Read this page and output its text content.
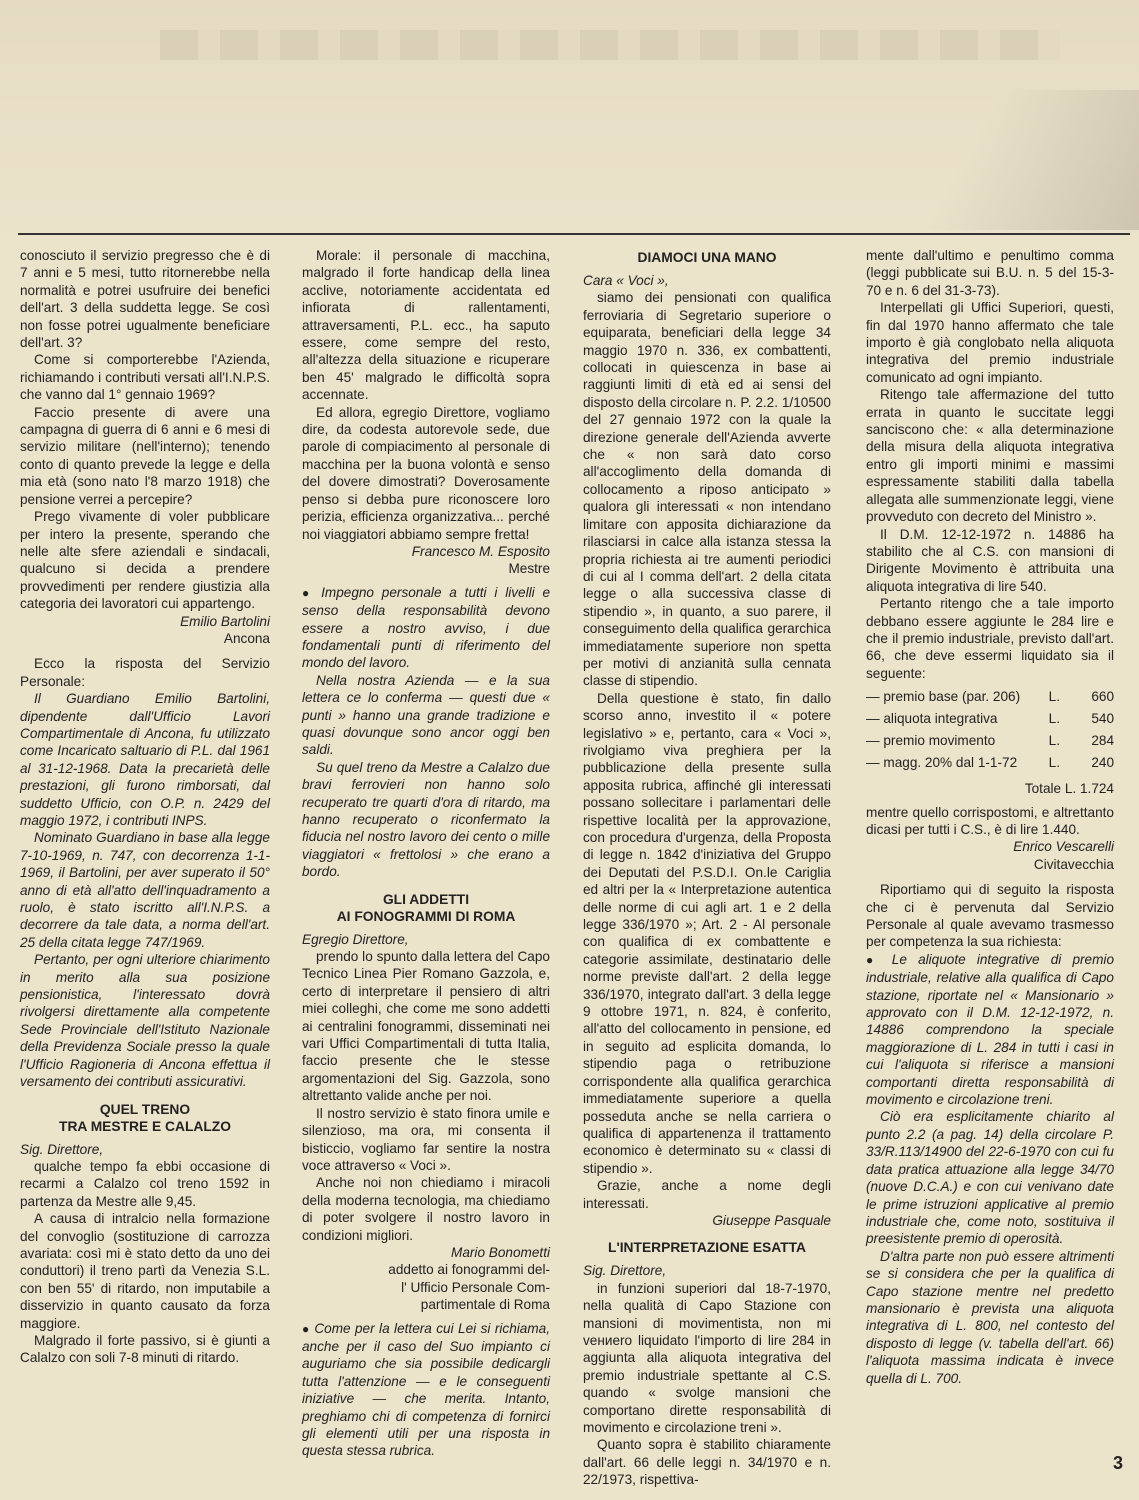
conosciuto il servizio pregresso che è di 7 anni e 5 mesi, tutto ritornerebbe nella normalità e potrei usufruire dei benefici dell'art. 3 della suddetta legge. Se così non fosse potrei ugualmente beneficiare dell'art. 3?

Come si comporterebbe l'Azienda, richiamando i contributi versati all'I.N.P.S. che vanno dal 1° gennaio 1969?

Faccio presente di avere una campagna di guerra di 6 anni e 6 mesi di servizio militare (nell'interno); tenendo conto di quanto prevede la legge e della mia età (sono nato l'8 marzo 1918) che pensione verrei a percepire?

Prego vivamente di voler pubblicare per intero la presente, sperando che nelle alte sfere aziendali e sindacali, qualcuno si decida a prendere provvedimenti per rendere giustizia alla categoria dei lavoratori cui appartengo.

Emilio Bartolini
Ancona

Ecco la risposta del Servizio Personale:

Il Guardiano Emilio Bartolini, dipendente dall'Ufficio Lavori Compartimentale di Ancona, fu utilizzato come Incaricato saltuario di P.L. dal 1961 al 31-12-1968. Data la precarietà delle prestazioni, gli furono rimborsati, dal suddetto Ufficio, con O.P. n. 2429 del maggio 1972, i contributi INPS.

Nominato Guardiano in base alla legge 7-10-1969, n. 747, con decorrenza 1-1-1969, il Bartolini, per aver superato il 50° anno di età all'atto dell'inquadramento a ruolo, è stato iscritto all'I.N.P.S. a decorrere da tale data, a norma dell'art. 25 della citata legge 747/1969.

Pertanto, per ogni ulteriore chiarimento in merito alla sua posizione pensionistica, l'interessato dovrà rivolgersi direttamente alla competente Sede Provinciale dell'Istituto Nazionale della Previdenza Sociale presso la quale l'Ufficio Ragioneria di Ancona effettua il versamento dei contributi assicurativi.

QUEL TRENO
TRA MESTRE E CALALZO

Sig. Direttore,

qualche tempo fa ebbi occasione di recarmi a Calalzo col treno 1592 in partenza da Mestre alle 9,45.

A causa di intralcio nella formazione del convoglio (sostituzione di carrozza avariata: così mi è stato detto da uno dei conduttori) il treno partì da Venezia S.L. con ben 55' di ritardo, non imputabile a disservizio in quanto causato da forza maggiore.

Malgrado il forte passivo, si è giunti a Calalzo con soli 7-8 minuti di ritardo.

Morale: il personale di macchina, malgrado il forte handicap della linea acclive, notoriamente accidentata ed infiorata di rallentamenti, attraversamenti, P.L. ecc., ha saputo essere, come sempre del resto, all'altezza della situazione e ricuperare ben 45' malgrado le difficoltà sopra accennate.

Ed allora, egregio Direttore, vogliamo dire, da codesta autorevole sede, due parole di compiacimento al personale di macchina per la buona volontà e senso del dovere dimostrati? Doverosamente penso si debba pure riconoscere loro perizia, efficienza organizzativa... perché noi viaggiatori abbiamo sempre fretta!

Francesco M. Esposito
Mestre

● Impegno personale a tutti i livelli e senso della responsabilità devono essere a nostro avviso, i due fondamentali punti di riferimento del mondo del lavoro.

Nella nostra Azienda — e la sua lettera ce lo conferma — questi due « punti » hanno una grande tradizione e quasi dovunque sono ancor oggi ben saldi.

Su quel treno da Mestre a Calalzo due bravi ferrovieri non hanno solo recuperato tre quarti d'ora di ritardo, ma hanno recuperato o riconfermato la fiducia nel nostro lavoro dei cento o mille viaggiatori « frettolosi » che erano a bordo.

GLI ADDETTI
AI FONOGRAMMI DI ROMA

Egregio Direttore,

prendo lo spunto dalla lettera del Capo Tecnico Linea Pier Romano Gazzola, e, certo di interpretare il pensiero di altri miei colleghi, che come me sono addetti ai centralini fonogrammi, disseminati nei vari Uffici Compartimentali di tutta Italia, faccio presente che le stesse argomentazioni del Sig. Gazzola, sono altrettanto valide anche per noi.

Il nostro servizio è stato finora umile e silenzioso, ma ora, mi consenta il bisticcio, vogliamo far sentire la nostra voce attraverso « Voci ».

Anche noi non chiediamo i miracoli della moderna tecnologia, ma chiediamo di poter svolgere il nostro lavoro in condizioni migliori.

Mario Bonometti
addetto ai fonogrammi del-
l' Ufficio Personale Com-
partimentale di Roma

● Come per la lettera cui Lei si richiama, anche per il caso del Suo impianto ci auguriamo che sia possibile dedicargli tutta l'attenzione — e le conseguenti iniziative — che merita. Intanto, preghiamo chi di competenza di fornirci gli elementi utili per una risposta in questa stessa rubrica.

DIAMOCI UNA MANO

Cara « Voci »,

siamo dei pensionati con qualifica ferroviaria di Segretario superiore o equiparata, beneficiari della legge 34 maggio 1970 n. 336, ex combattenti, collocati in quiescenza in base ai raggiunti limiti di età ed ai sensi del disposto della circolare n. P. 2.2. 1/10500 del 27 gennaio 1972 con la quale la direzione generale dell'Azienda avverte che « non sarà dato corso all'accoglimento della domanda di collocamento a riposo anticipato » qualora gli interessati « non intendano limitare con apposita dichiarazione da rilasciarsi in calce alla istanza stessa la propria richiesta ai tre aumenti periodici di cui al I comma dell'art. 2 della citata legge o alla successiva classe di stipendio », in quanto, a suo parere, il conseguimento della qualifica gerarchica immediatamente superiore non spetta per motivi di anzianità sulla cennata classe di stipendio.

Della questione è stato, fin dallo scorso anno, investito il « potere legislativo » e, pertanto, cara « Voci », rivolgiamo viva preghiera per la pubblicazione della presente sulla apposita rubrica, affinché gli interessati possano sollecitare i parlamentari delle rispettive località per la approvazione, con procedura d'urgenza, della Proposta di legge n. 1842 d'iniziativa del Gruppo dei Deputati del P.S.D.I. On.le Cariglia ed altri per la « Interpretazione autentica delle norme di cui agli art. 1 e 2 della legge 336/1970 »; Art. 2 - Al personale con qualifica di ex combattente e categorie assimilate, destinatario delle norme previste dall'art. 2 della legge 336/1970, integrato dall'art. 3 della legge 9 ottobre 1971, n. 824, è conferito, all'atto del collocamento in pensione, ed in seguito ad esplicita domanda, lo stipendio paga o retribuzione corrispondente alla qualifica gerarchica immediatamente superiore a quella posseduta anche se nella carriera o qualifica di appartenenza il trattamento economico è determinato su « classi di stipendio ».

Grazie, anche a nome degli interessati.

Giuseppe Pasquale
L'INTERPRETAZIONE ESATTA

Sig. Direttore,

in funzioni superiori dal 18-7-1970, nella qualità di Capo Stazione con mansioni di movimentista, non mi vениero liquidato l'importo di lire 284 in aggiunta alla aliquota integrativa del premio industriale spettante al C.S. quando « svolge mansioni che comportano dirette responsabilità di movimento e circolazione treni ».

Quanto sopra è stabilito chiaramente dall'art. 66 delle leggi n. 34/1970 e n. 22/1973, rispettiva-

mente dall'ultimo e penultimo comma (leggi pubblicate sui B.U. n. 5 del 15-3-70 e n. 6 del 31-3-73).

Interpellati gli Uffici Superiori, questi, fin dal 1970 hanno affermato che tale importo è già conglobato nella aliquota integrativa del premio industriale comunicato ad ogni impianto.

Ritengo tale affermazione del tutto errata in quanto le succitate leggi sanciscono che: « alla determinazione della misura della aliquota integrativa entro gli importi minimi e massimi espressamente stabiliti dalla tabella allegata alle summenzionate leggi, viene provveduto con decreto del Ministro ».

Il D.M. 12-12-1972 n. 14886 ha stabilito che al C.S. con mansioni di Dirigente Movimento è attribuita una aliquota integrativa di lire 540.

Pertanto ritengo che a tale importo debbano essere aggiunte le 284 lire e che il premio industriale, previsto dall'art. 66, che deve essermi liquidato sia il seguente:

— premio base (par. 206)	L.	660
— aliquota integrativa	L.	540
— premio movimento	L.	284
— magg. 20% dal 1-1-72	L.	240
Totale L. 1.724

mentre quello corrispostomi, e altrettanto dicasi per tutti i C.S., è di lire 1.440.

Enrico Vescarelli
Civitavecchia

Riportiamo qui di seguito la risposta che ci è pervenuta dal Servizio Personale al quale avevamo trasmesso per competenza la sua richiesta:

● Le aliquote integrative di premio industriale, relative alla qualifica di Capo stazione, riportate nel « Mansionario » approvato con il D.M. 12-12-1972, n. 14886 comprendono la speciale maggiorazione di L. 284 in tutti i casi in cui l'aliquota si riferisce a mansioni comportanti diretta responsabilità di movimento e circolazione treni.

Ciò era esplicitamente chiarito al punto 2.2 (a pag. 14) della circolare P. 33/R.113/14900 del 22-6-1970 con cui fu data pratica attuazione alla legge 34/70 (nuove D.C.A.) e con cui venivano date le prime istruzioni applicative al premio industriale che, come noto, sostituiva il preesistente premio di operosità.

D'altra parte non può essere altrimenti se si considera che per la qualifica di Capo stazione mentre nel predetto mansionario è prevista una aliquota integrativa di L. 800, nel contesto del disposto di legge (v. tabella dell'art. 66) l'aliquota massima indicata è invece quella di L. 700.

3
